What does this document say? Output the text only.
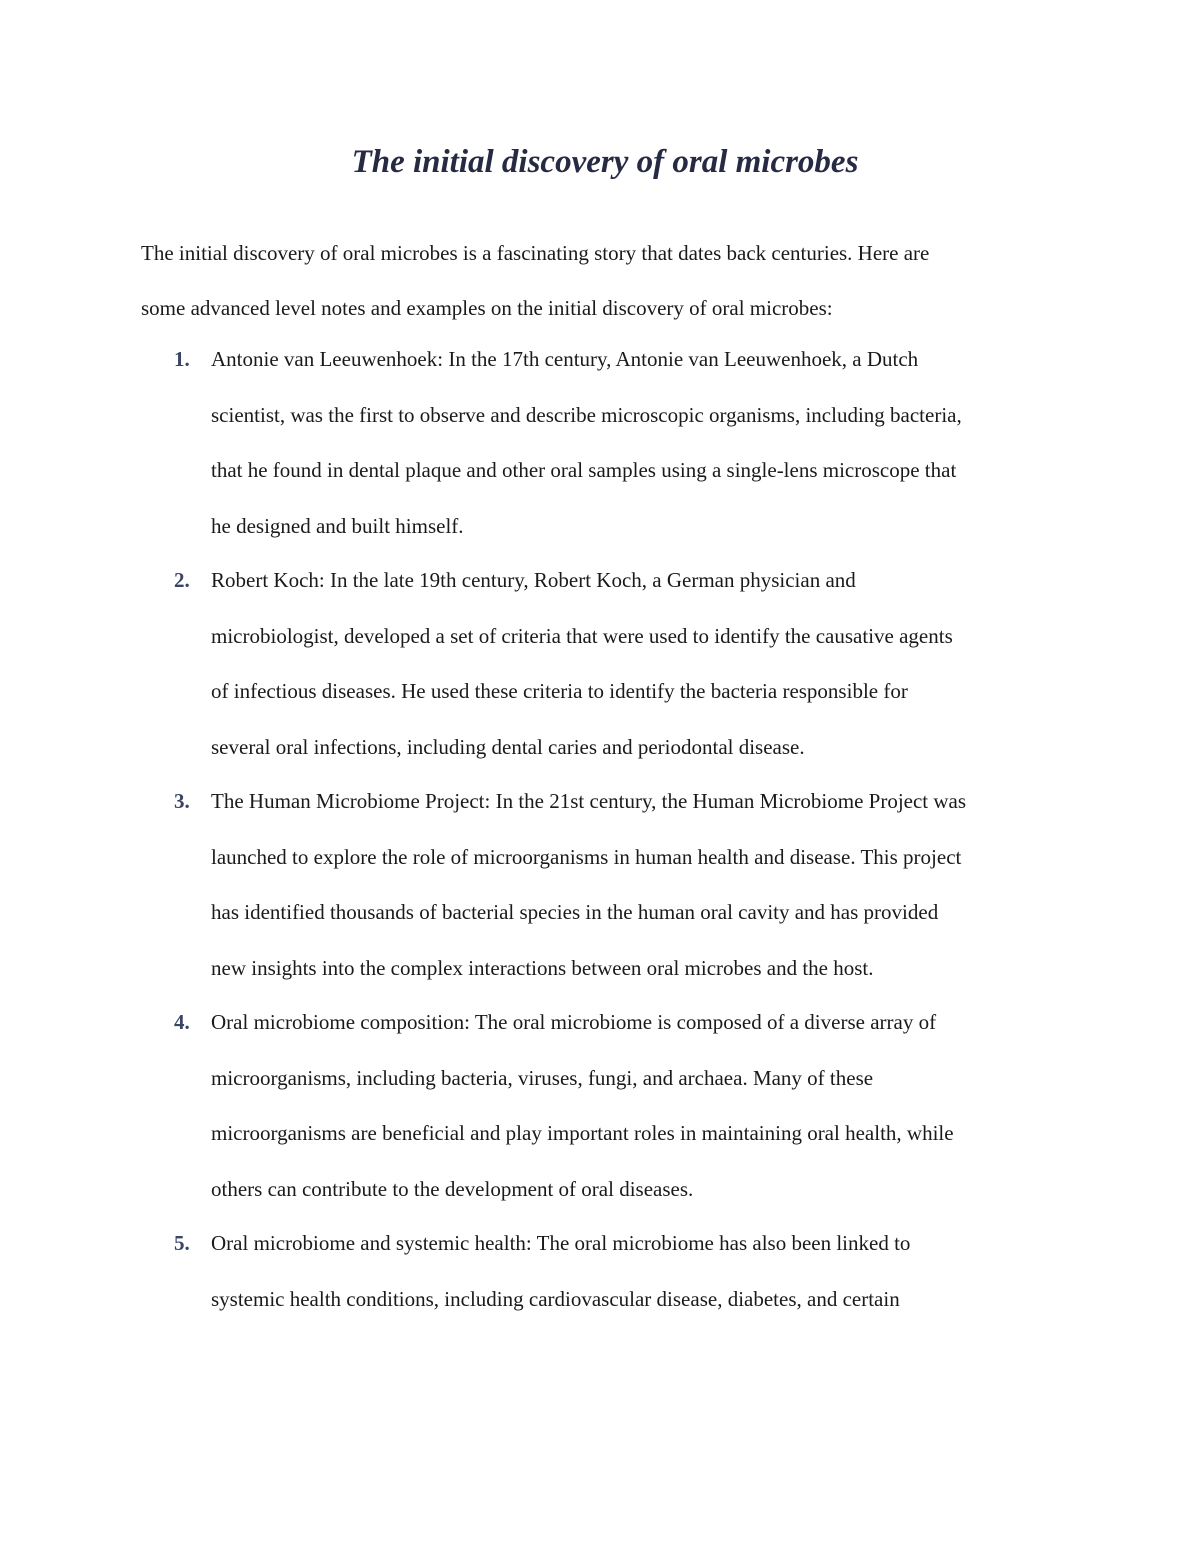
The initial discovery of oral microbes

The initial discovery of oral microbes is a fascinating story that dates back centuries. Here are
some advanced level notes and examples on the initial discovery of oral microbes:

1. Antonie van Leeuwenhoek: In the 17th century, Antonie van Leeuwenhoek, a Dutch
scientist, was the first to observe and describe microscopic organisms, including bacteria,
that he found in dental plaque and other oral samples using a single-lens microscope that
he designed and built himself.
2. Robert Koch: In the late 19th century, Robert Koch, a German physician and
microbiologist, developed a set of criteria that were used to identify the causative agents
of infectious diseases. He used these criteria to identify the bacteria responsible for
several oral infections, including dental caries and periodontal disease.
3. The Human Microbiome Project: In the 21st century, the Human Microbiome Project was
launched to explore the role of microorganisms in human health and disease. This project
has identified thousands of bacterial species in the human oral cavity and has provided
new insights into the complex interactions between oral microbes and the host.
4. Oral microbiome composition: The oral microbiome is composed of a diverse array of
microorganisms, including bacteria, viruses, fungi, and archaea. Many of these
microorganisms are beneficial and play important roles in maintaining oral health, while
others can contribute to the development of oral diseases.
5. Oral microbiome and systemic health: The oral microbiome has also been linked to
systemic health conditions, including cardiovascular disease, diabetes, and certain
